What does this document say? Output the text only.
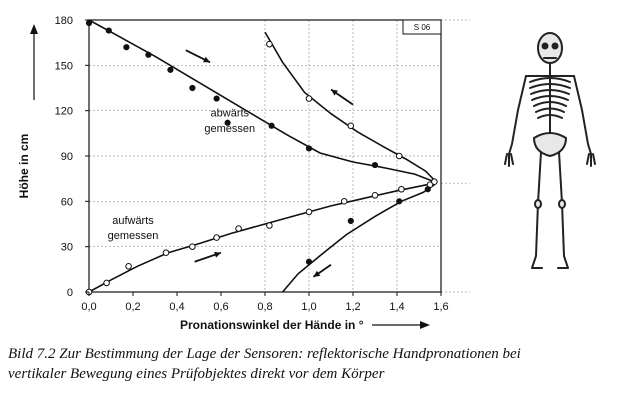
0
30
60
90
120
150
180
0,0	0,2	0,4	0,6	0,8	1,0	1,2	1,4	1,6
abwärts
gemessen
aufwärts
gemessen
Höhe in cm
Pronationswinkel der Hände in °
S 06
Bild 7.2 Zur Bestimmung der Lage der Sensoren: reflektorische Handpronationen bei
vertikaler Bewegung eines Prüfobjektes direkt vor dem Körper
